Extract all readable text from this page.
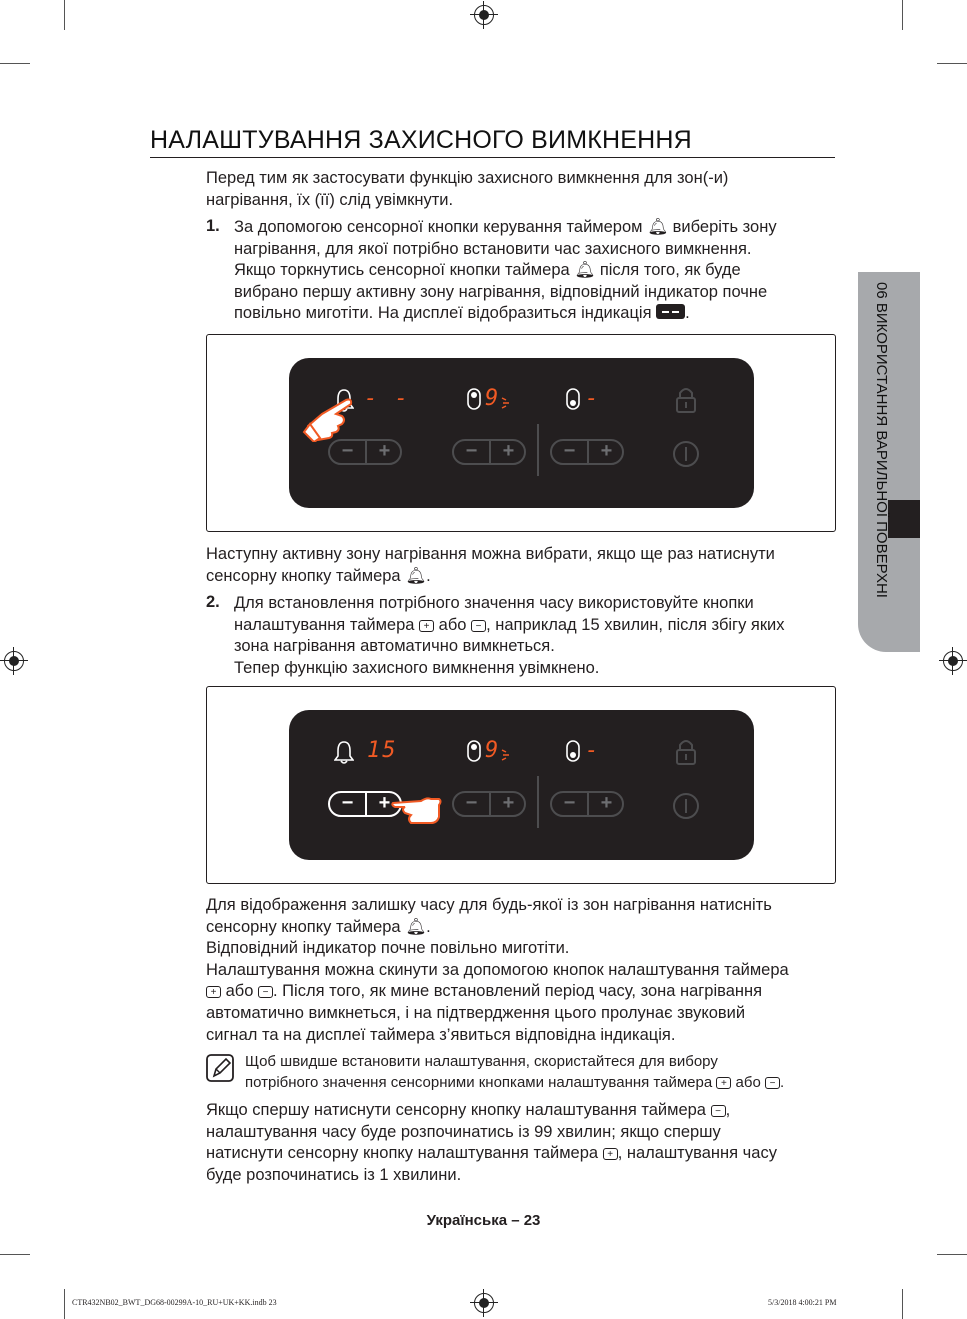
06 ВИКОРИСТАННЯ ВАРИЛЬНОЇ ПОВЕРХНІ
НАЛАШТУВАННЯ ЗАХИСНОГО ВИМКНЕННЯ
Перед тим як застосувати функцію захисного вимкнення для зон(-и)
нагрівання, їх (її) слід увімкнути.
1. За допомогою сенсорної кнопки керування таймером 🔔︎ виберіть зону
нагрівання, для якої потрібно встановити час захисного вимкнення.
Якщо торкнутись сенсорної кнопки таймера 🔔︎ після того, як буде
вибрано першу активну зону нагрівання, відповідний індикатор почне
повільно миготіти. На дисплеї відобразиться індикація .
- -	9	-
−	+	−	+	−	+
Наступну активну зону нагрівання можна вибрати, якщо ще раз натиснути
сенсорну кнопку таймера 🔔︎.
2. Для встановлення потрібного значення часу використовуйте кнопки
налаштування таймера + або − , наприклад 15 хвилин, після збігу яких
зона нагрівання автоматично вимкнеться.
Тепер функцію захисного вимкнення увімкнено.
15	9	-
−	+	−	+	−	+
Для відображення залишку часу для будь-якої із зон нагрівання натисніть
сенсорну кнопку таймера 🔔︎.
Відповідний індикатор почне повільно миготіти.
Налаштування можна скинути за допомогою кнопок налаштування таймера
+ або − . Після того, як мине встановлений період часу, зона нагрівання
автоматично вимкнеться, і на підтвердження цього пролунає звуковий
сигнал та на дисплеї таймера з’явиться відповідна індикація.
Щоб швидше встановити налаштування, скористайтеся для вибору
потрібного значення сенсорними кнопками налаштування таймера + або − .
Якщо спершу натиснути сенсорну кнопку налаштування таймера − ,
налаштування часу буде розпочинатись із 99 хвилин; якщо спершу
натиснути сенсорну кнопку налаштування таймера + , налаштування часу
буде розпочинатись із 1 хвилини.
Українська – 23
CTR432NB02_BWT_DG68-00299A-10_RU+UK+KK.indb 23	5/3/2018 4:00:21 PM
